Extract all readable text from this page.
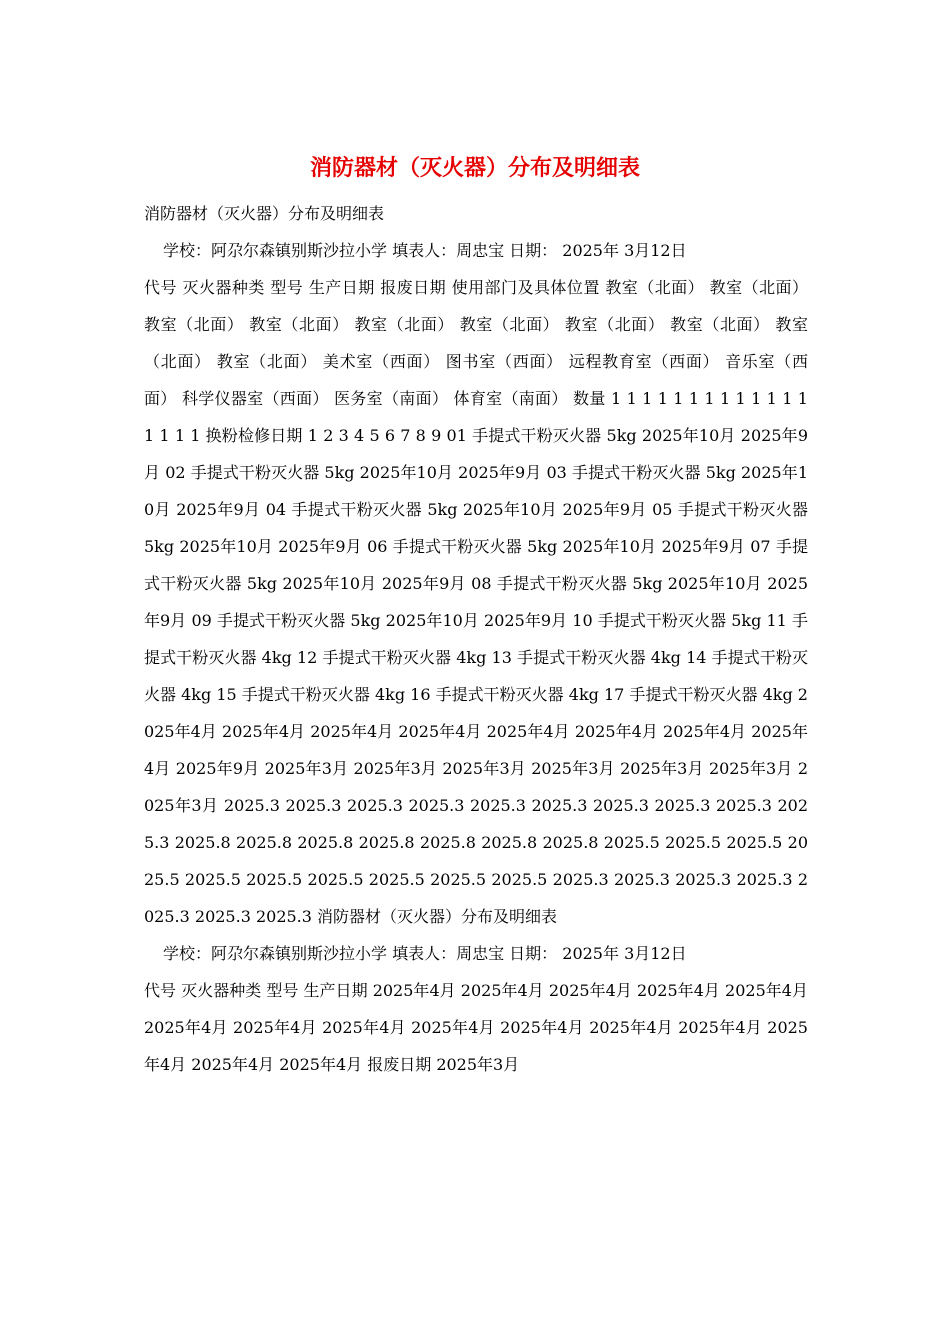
消防器材（灭火器）分布及明细表

消防器材（灭火器）分布及明细表

学校：阿尕尔森镇别斯沙拉小学 填表人：周忠宝 日期： 2025年 3月12日

代号 灭火器种类 型号 生产日期 报废日期 使用部门及具体位置 教室（北面） 教室（北面） 教室（北面） 教室（北面） 教室（北面） 教室（北面） 教室（北面） 教室（北面） 教室（北面） 教室（北面） 美术室（西面） 图书室（西面） 远程教育室（西面） 音乐室（西面） 科学仪器室（西面） 医务室（南面） 体育室（南面） 数量 1 1 1 1 1 1 1 1 1 1 1 1 1 1 1 1 1 换粉检修日期 1 2 3 4 5 6 7 8 9 01 手提式干粉灭火器 5kg 2025年10月 2025年9月 02 手提式干粉灭火器 5kg 2025年10月 2025年9月 03 手提式干粉灭火器 5kg 2025年10月 2025年9月 04 手提式干粉灭火器 5kg 2025年10月 2025年9月 05 手提式干粉灭火器 5kg 2025年10月 2025年9月 06 手提式干粉灭火器 5kg 2025年10月 2025年9月 07 手提式干粉灭火器 5kg 2025年10月 2025年9月 08 手提式干粉灭火器 5kg 2025年10月 2025年9月 09 手提式干粉灭火器 5kg 2025年10月 2025年9月 10 手提式干粉灭火器 5kg 11 手提式干粉灭火器 4kg 12 手提式干粉灭火器 4kg 13 手提式干粉灭火器 4kg 14 手提式干粉灭火器 4kg 15 手提式干粉灭火器 4kg 16 手提式干粉灭火器 4kg 17 手提式干粉灭火器 4kg 2025年4月 2025年4月 2025年4月 2025年4月 2025年4月 2025年4月 2025年4月 2025年4月 2025年9月 2025年3月 2025年3月 2025年3月 2025年3月 2025年3月 2025年3月 2025年3月 2025.3 2025.3 2025.3 2025.3 2025.3 2025.3 2025.3 2025.3 2025.3 2025.3 2025.8 2025.8 2025.8 2025.8 2025.8 2025.8 2025.8 2025.5 2025.5 2025.5 2025.5 2025.5 2025.5 2025.5 2025.5 2025.5 2025.5 2025.3 2025.3 2025.3 2025.3 2025.3 2025.3 2025.3 消防器材（灭火器）分布及明细表

学校：阿尕尔森镇别斯沙拉小学 填表人：周忠宝 日期： 2025年 3月12日

代号 灭火器种类 型号 生产日期 2025年4月 2025年4月 2025年4月 2025年4月 2025年4月 2025年4月 2025年4月 2025年4月 2025年4月 2025年4月 2025年4月 2025年4月 2025年4月 2025年4月 2025年4月 报废日期 2025年3月
